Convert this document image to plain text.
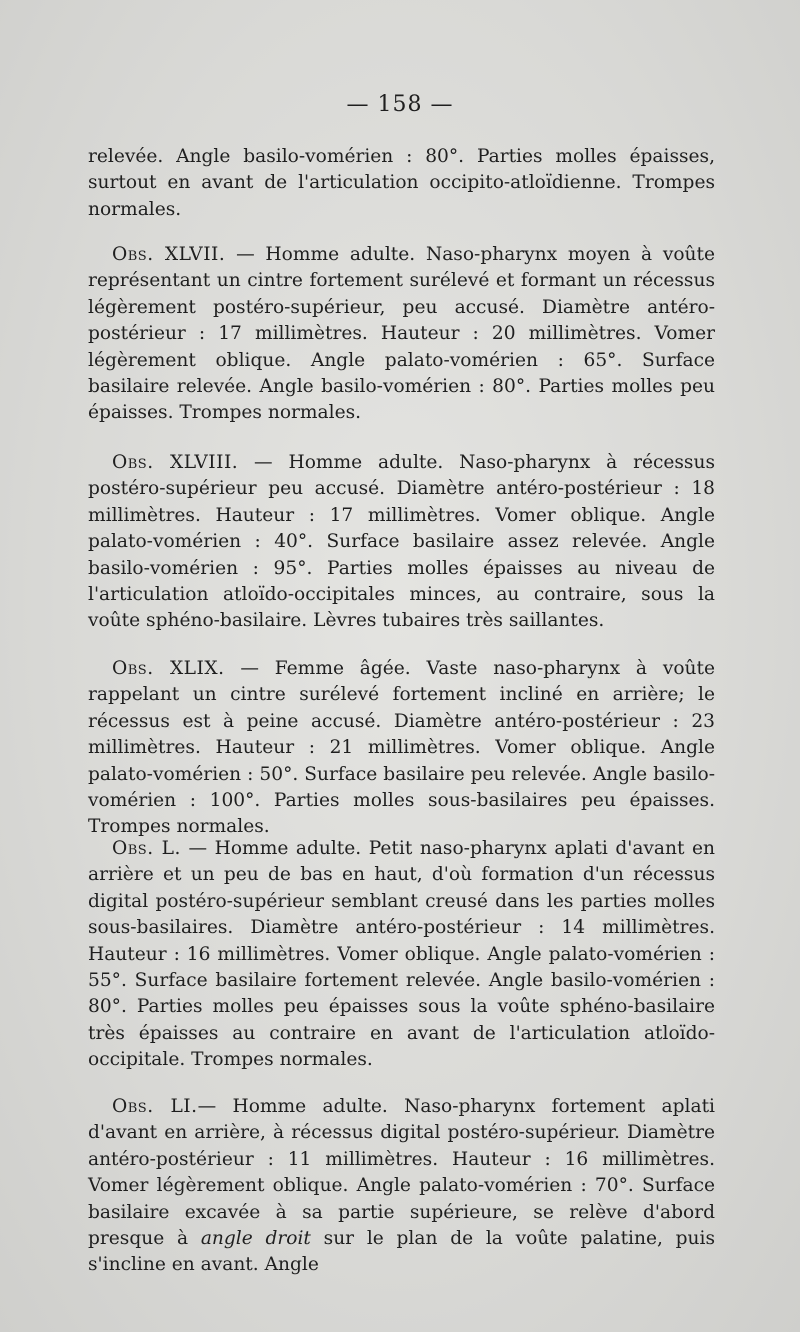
— 158 —

relevée. Angle basilo-vomérien : 80°. Parties molles épaisses, surtout en avant de l'articulation occipito-atloïdienne. Trompes normales.

Obs. XLVII. — Homme adulte. Naso-pharynx moyen à voûte représentant un cintre fortement surélevé et formant un récessus légèrement postéro-supérieur, peu accusé. Diamètre antéro-postérieur : 17 millimètres. Hauteur : 20 millimètres. Vomer légèrement oblique. Angle palato-vomérien : 65°. Surface basilaire relevée. Angle basilo-vomérien : 80°. Parties molles peu épaisses. Trompes normales.

Obs. XLVIII. — Homme adulte. Naso-pharynx à récessus postéro-supérieur peu accusé. Diamètre antéro-postérieur : 18 millimètres. Hauteur : 17 millimètres. Vomer oblique. Angle palato-vomérien : 40°. Surface basilaire assez relevée. Angle basilo-vomérien : 95°. Parties molles épaisses au niveau de l'articulation atloïdo-occipitales minces, au contraire, sous la voûte sphéno-basilaire. Lèvres tubaires très saillantes.

Obs. XLIX. — Femme âgée. Vaste naso-pharynx à voûte rappelant un cintre surélevé fortement incliné en arrière; le récessus est à peine accusé. Diamètre antéro-postérieur : 23 millimètres. Hauteur : 21 millimètres. Vomer oblique. Angle palato-vomérien : 50°. Surface basilaire peu relevée. Angle basilo-vomérien : 100°. Parties molles sous-basilaires peu épaisses. Trompes normales.

Obs. L. — Homme adulte. Petit naso-pharynx aplati d'avant en arrière et un peu de bas en haut, d'où formation d'un récessus digital postéro-supérieur semblant creusé dans les parties molles sous-basilaires. Diamètre antéro-postérieur : 14 millimètres. Hauteur : 16 millimètres. Vomer oblique. Angle palato-vomérien : 55°. Surface basilaire fortement relevée. Angle basilo-vomérien : 80°. Parties molles peu épaisses sous la voûte sphéno-basilaire très épaisses au contraire en avant de l'articulation atloïdo-occipitale. Trompes normales.

Obs. LI.— Homme adulte. Naso-pharynx fortement aplati d'avant en arrière, à récessus digital postéro-supérieur. Diamètre antéro-postérieur : 11 millimètres. Hauteur : 16 millimètres. Vomer légèrement oblique. Angle palato-vomérien : 70°. Surface basilaire excavée à sa partie supérieure, se relève d'abord presque à angle droit sur le plan de la voûte palatine, puis s'incline en avant. Angle
